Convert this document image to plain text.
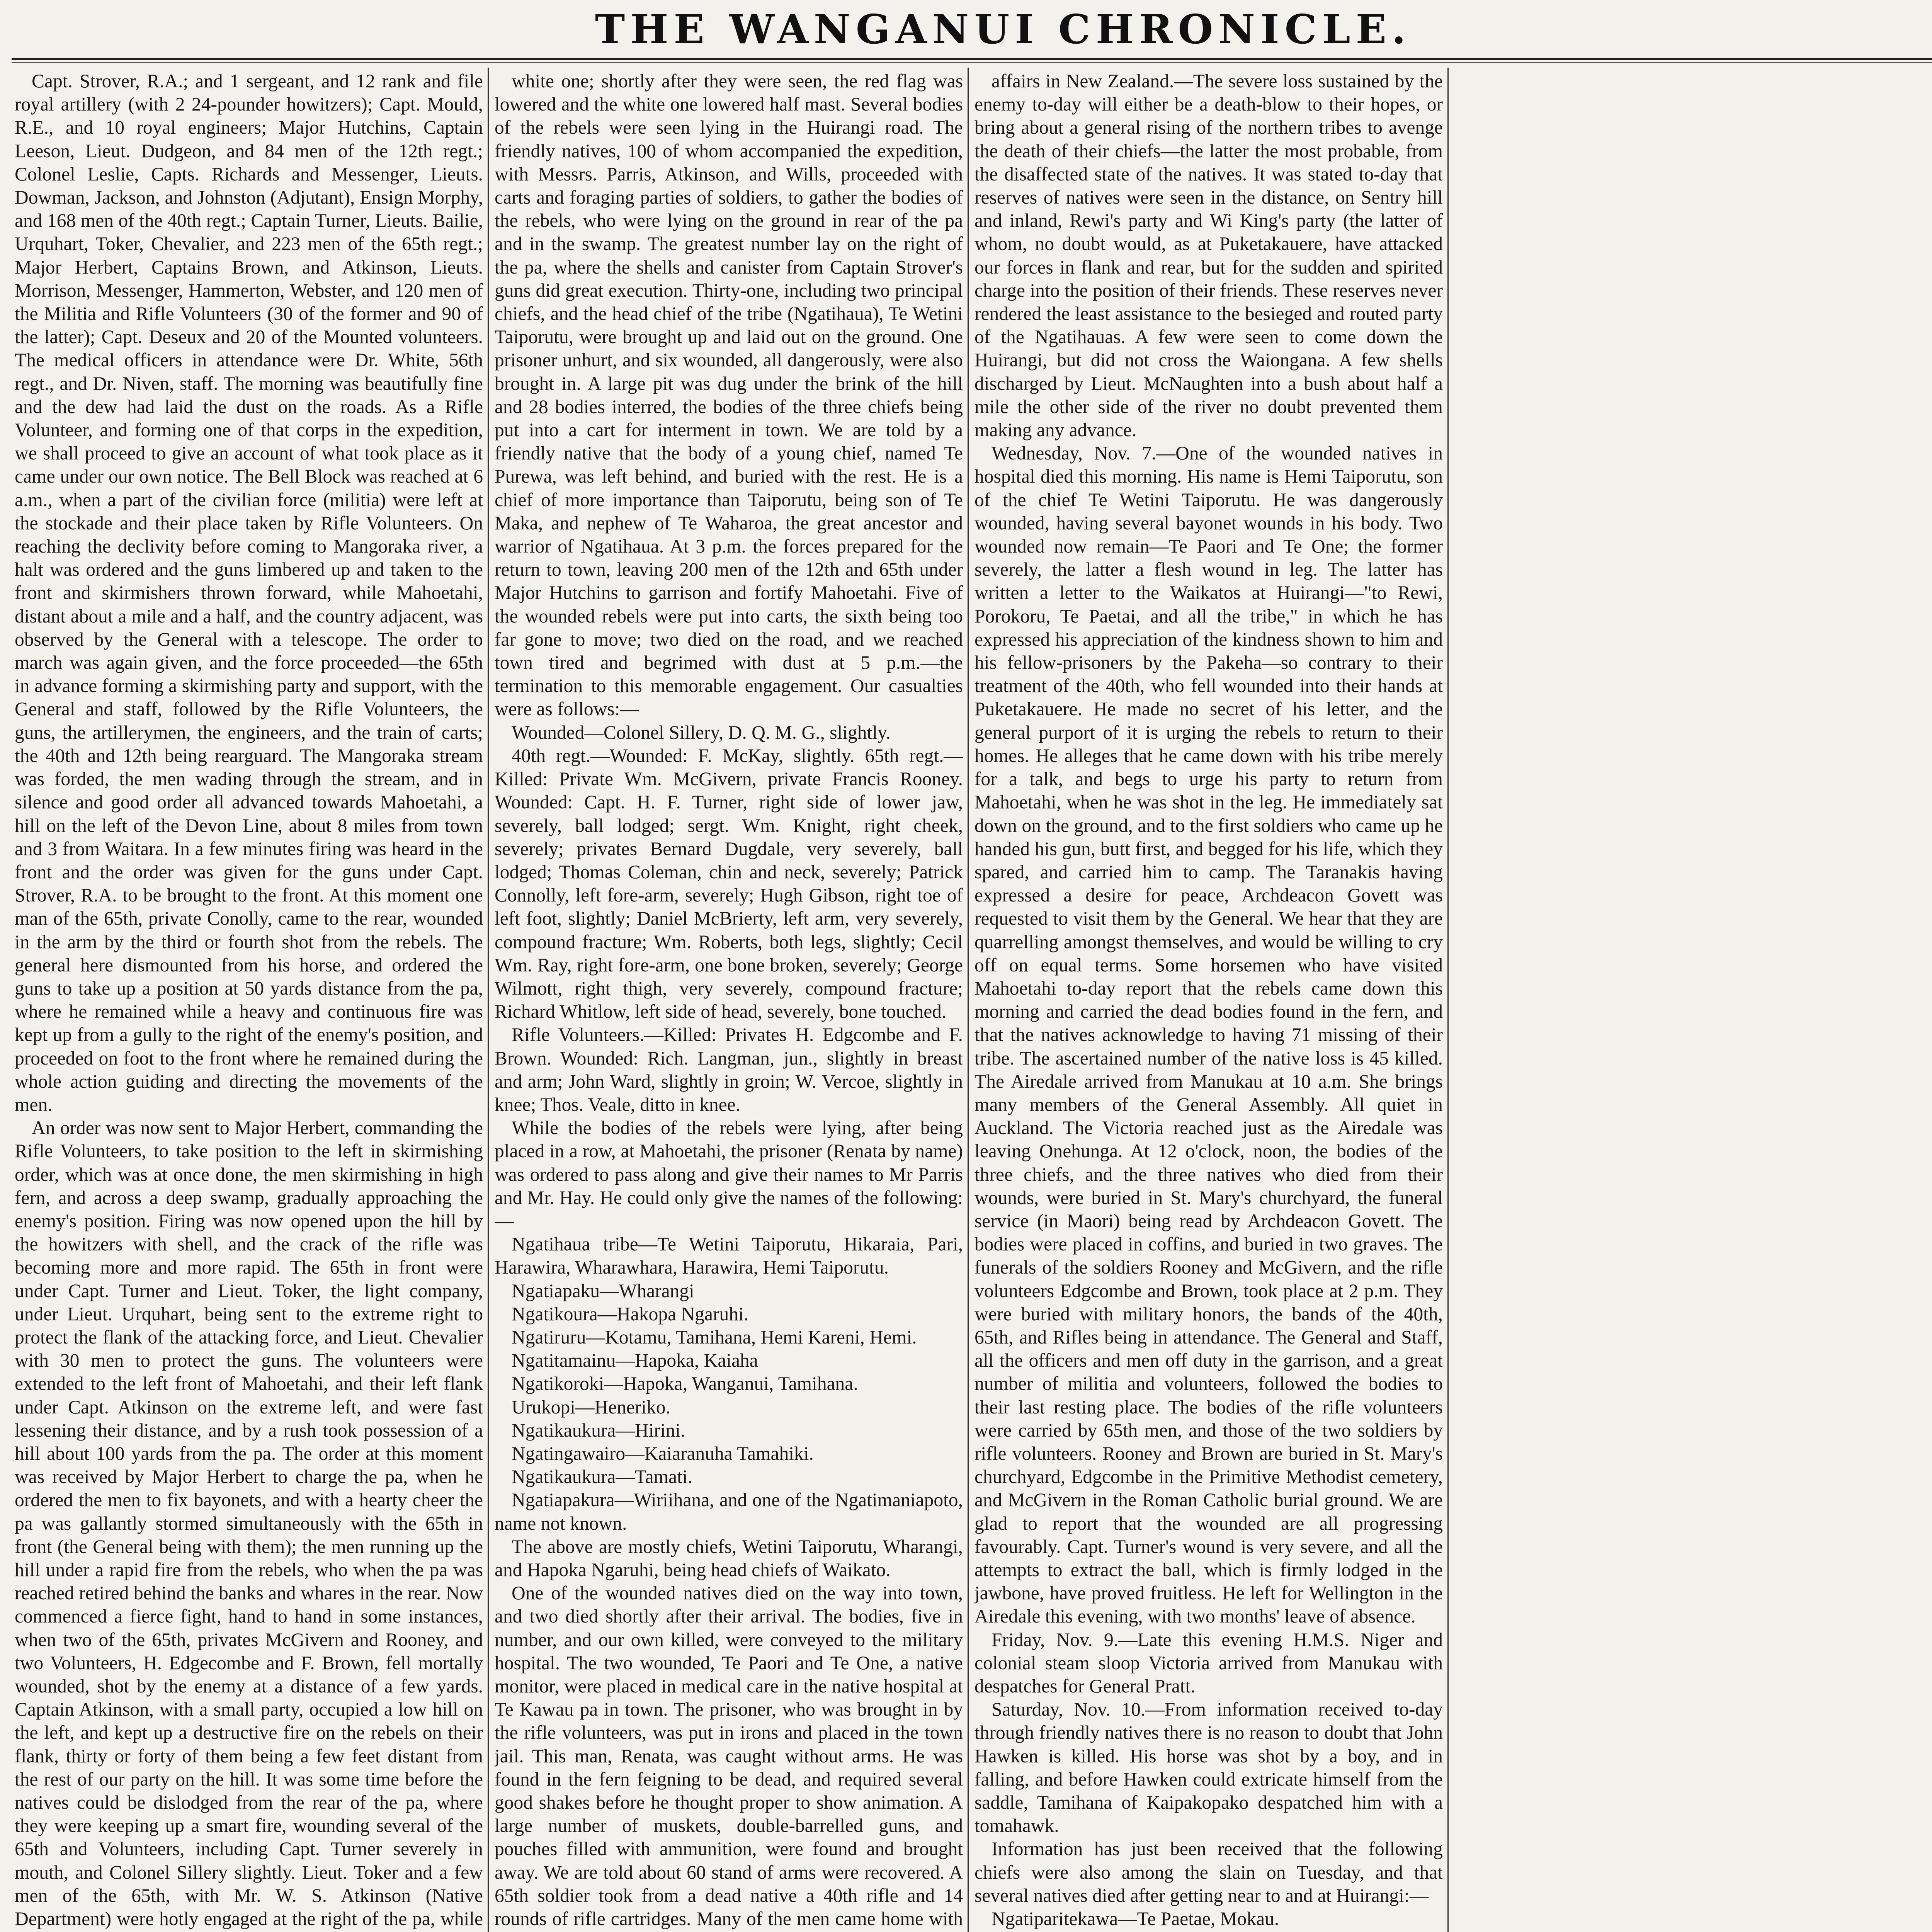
THE WANGANUI CHRONICLE.

Capt. Strover, R.A.; and 1 sergeant, and 12 rank and file royal artillery (with 2 24-pounder howitzers); Capt. Mould, R.E., and 10 royal engineers; Major Hutchins, Captain Leeson, Lieut. Dudgeon, and 84 men of the 12th regt.; Colonel Leslie, Capts. Richards and Messenger, Lieuts. Dowman, Jackson, and Johnston (Adjutant), Ensign Morphy, and 168 men of the 40th regt.; Captain Turner, Lieuts. Bailie, Urquhart, Toker, Chevalier, and 223 men of the 65th regt.; Major Herbert, Captains Brown, and Atkinson, Lieuts. Morrison, Messenger, Hammerton, Webster, and 120 men of the Militia and Rifle Volunteers (30 of the former and 90 of the latter); Capt. Deseux and 20 of the Mounted volunteers. The medical officers in attendance were Dr. White, 56th regt., and Dr. Niven, staff. The morning was beautifully fine and the dew had laid the dust on the roads. As a Rifle Volunteer, and forming one of that corps in the expedition, we shall proceed to give an account of what took place as it came under our own notice. The Bell Block was reached at 6 a.m., when a part of the civilian force (militia) were left at the stockade and their place taken by Rifle Volunteers. On reaching the declivity before coming to Mangoraka river, a halt was ordered and the guns limbered up and taken to the front and skirmishers thrown forward, while Mahoetahi, distant about a mile and a half, and the country adjacent, was observed by the General with a telescope. The order to march was again given, and the force proceeded—the 65th in advance forming a skirmishing party and support, with the General and staff, followed by the Rifle Volunteers, the guns, the artillerymen, the engineers, and the train of carts; the 40th and 12th being rearguard. The Mangoraka stream was forded, the men wading through the stream, and in silence and good order all advanced towards Mahoetahi, a hill on the left of the Devon Line, about 8 miles from town and 3 from Waitara. In a few minutes firing was heard in the front and the order was given for the guns under Capt. Strover, R.A. to be brought to the front. At this moment one man of the 65th, private Conolly, came to the rear, wounded in the arm by the third or fourth shot from the rebels. The general here dismounted from his horse, and ordered the guns to take up a position at 50 yards distance from the pa, where he remained while a heavy and continuous fire was kept up from a gully to the right of the enemy's position, and proceeded on foot to the front where he remained during the whole action guiding and directing the movements of the men.

An order was now sent to Major Herbert, commanding the Rifle Volunteers, to take position to the left in skirmishing order, which was at once done, the men skirmishing in high fern, and across a deep swamp, gradually approaching the enemy's position. Firing was now opened upon the hill by the howitzers with shell, and the crack of the rifle was becoming more and more rapid. The 65th in front were under Capt. Turner and Lieut. Toker, the light company, under Lieut. Urquhart, being sent to the extreme right to protect the flank of the attacking force, and Lieut. Chevalier with 30 men to protect the guns. The volunteers were extended to the left front of Mahoetahi, and their left flank under Capt. Atkinson on the extreme left, and were fast lessening their distance, and by a rush took possession of a hill about 100 yards from the pa. The order at this moment was received by Major Herbert to charge the pa, when he ordered the men to fix bayonets, and with a hearty cheer the pa was gallantly stormed simultaneously with the 65th in front (the General being with them); the men running up the hill under a rapid fire from the rebels, who when the pa was reached retired behind the banks and whares in the rear. Now commenced a fierce fight, hand to hand in some instances, when two of the 65th, privates McGivern and Rooney, and two Volunteers, H. Edgecombe and F. Brown, fell mortally wounded, shot by the enemy at a distance of a few yards. Captain Atkinson, with a small party, occupied a low hill on the left, and kept up a destructive fire on the rebels on their flank, thirty or forty of them being a few feet distant from the rest of our party on the hill. It was some time before the natives could be dislodged from the rear of the pa, where they were keeping up a smart fire, wounding several of the 65th and Volunteers, including Capt. Turner severely in mouth, and Colonel Sillery slightly. Lieut. Toker and a few men of the 65th, with Mr. W. S. Atkinson (Native Department) were hotly engaged at the right of the pa, while

white one; shortly after they were seen, the red flag was lowered and the white one lowered half mast. Several bodies of the rebels were seen lying in the Huirangi road. The friendly natives, 100 of whom accompanied the expedition, with Messrs. Parris, Atkinson, and Wills, proceeded with carts and foraging parties of soldiers, to gather the bodies of the rebels, who were lying on the ground in rear of the pa and in the swamp. The greatest number lay on the right of the pa, where the shells and canister from Captain Strover's guns did great execution. Thirty-one, including two principal chiefs, and the head chief of the tribe (Ngatihaua), Te Wetini Taiporutu, were brought up and laid out on the ground. One prisoner unhurt, and six wounded, all dangerously, were also brought in. A large pit was dug under the brink of the hill and 28 bodies interred, the bodies of the three chiefs being put into a cart for interment in town. We are told by a friendly native that the body of a young chief, named Te Purewa, was left behind, and buried with the rest. He is a chief of more importance than Taiporutu, being son of Te Maka, and nephew of Te Waharoa, the great ancestor and warrior of Ngatihaua. At 3 p.m. the forces prepared for the return to town, leaving 200 men of the 12th and 65th under Major Hutchins to garrison and fortify Mahoetahi. Five of the wounded rebels were put into carts, the sixth being too far gone to move; two died on the road, and we reached town tired and begrimed with dust at 5 p.m.—the termination to this memorable engagement. Our casualties were as follows:—

Wounded—Colonel Sillery, D. Q. M. G., slightly.

40th regt.—Wounded: F. McKay, slightly. 65th regt.—Killed: Private Wm. McGivern, private Francis Rooney. Wounded: Capt. H. F. Turner, right side of lower jaw, severely, ball lodged; sergt. Wm. Knight, right cheek, severely; privates Bernard Dugdale, very severely, ball lodged; Thomas Coleman, chin and neck, severely; Patrick Connolly, left fore-arm, severely; Hugh Gibson, right toe of left foot, slightly; Daniel McBrierty, left arm, very severely, compound fracture; Wm. Roberts, both legs, slightly; Cecil Wm. Ray, right fore-arm, one bone broken, severely; George Wilmott, right thigh, very severely, compound fracture; Richard Whitlow, left side of head, severely, bone touched.

Rifle Volunteers.—Killed: Privates H. Edgcombe and F. Brown. Wounded: Rich. Langman, jun., slightly in breast and arm; John Ward, slightly in groin; W. Vercoe, slightly in knee; Thos. Veale, ditto in knee.

While the bodies of the rebels were lying, after being placed in a row, at Mahoetahi, the prisoner (Renata by name) was ordered to pass along and give their names to Mr Parris and Mr. Hay. He could only give the names of the following:—

Ngatihaua tribe—Te Wetini Taiporutu, Hikaraia, Pari, Harawira, Wharawhara, Harawira, Hemi Taiporutu.

Ngatiapaku—Wharangi

Ngatikoura—Hakopa Ngaruhi.

Ngatiruru—Kotamu, Tamihana, Hemi Kareni, Hemi.

Ngatitamainu—Hapoka, Kaiaha

Ngatikoroki—Hapoka, Wanganui, Tamihana.

Urukopi—Heneriko.

Ngatikaukura—Hirini.

Ngatingawairo—Kaiaranuha Tamahiki.

Ngatikaukura—Tamati.

Ngatiapakura—Wiriihana, and one of the Ngatimaniapoto, name not known.

The above are mostly chiefs, Wetini Taiporutu, Wharangi, and Hapoka Ngaruhi, being head chiefs of Waikato.

One of the wounded natives died on the way into town, and two died shortly after their arrival. The bodies, five in number, and our own killed, were conveyed to the military hospital. The two wounded, Te Paori and Te One, a native monitor, were placed in medical care in the native hospital at Te Kawau pa in town. The prisoner, who was brought in by the rifle volunteers, was put in irons and placed in the town jail. This man, Renata, was caught without arms. He was found in the fern feigning to be dead, and required several good shakes before he thought proper to show animation. A large number of muskets, double-barrelled guns, and pouches filled with ammunition, were found and brought away. We are told about 60 stand of arms were recovered. A 65th soldier took from a dead native a 40th rifle and 14 rounds of rifle cartridges. Many of the men came home with

affairs in New Zealand.—The severe loss sustained by the enemy to-day will either be a death-blow to their hopes, or bring about a general rising of the northern tribes to avenge the death of their chiefs—the latter the most probable, from the disaffected state of the natives. It was stated to-day that reserves of natives were seen in the distance, on Sentry hill and inland, Rewi's party and Wi King's party (the latter of whom, no doubt would, as at Puketakauere, have attacked our forces in flank and rear, but for the sudden and spirited charge into the position of their friends. These reserves never rendered the least assistance to the besieged and routed party of the Ngatihauas. A few were seen to come down the Huirangi, but did not cross the Waiongana. A few shells discharged by Lieut. McNaughten into a bush about half a mile the other side of the river no doubt prevented them making any advance.

Wednesday, Nov. 7.—One of the wounded natives in hospital died this morning. His name is Hemi Taiporutu, son of the chief Te Wetini Taiporutu. He was dangerously wounded, having several bayonet wounds in his body. Two wounded now remain—Te Paori and Te One; the former severely, the latter a flesh wound in leg. The latter has written a letter to the Waikatos at Huirangi—"to Rewi, Porokoru, Te Paetai, and all the tribe," in which he has expressed his appreciation of the kindness shown to him and his fellow-prisoners by the Pakeha—so contrary to their treatment of the 40th, who fell wounded into their hands at Puketakauere. He made no secret of his letter, and the general purport of it is urging the rebels to return to their homes. He alleges that he came down with his tribe merely for a talk, and begs to urge his party to return from Mahoetahi, when he was shot in the leg. He immediately sat down on the ground, and to the first soldiers who came up he handed his gun, butt first, and begged for his life, which they spared, and carried him to camp. The Taranakis having expressed a desire for peace, Archdeacon Govett was requested to visit them by the General. We hear that they are quarrelling amongst themselves, and would be willing to cry off on equal terms. Some horsemen who have visited Mahoetahi to-day report that the rebels came down this morning and carried the dead bodies found in the fern, and that the natives acknowledge to having 71 missing of their tribe. The ascertained number of the native loss is 45 killed. The Airedale arrived from Manukau at 10 a.m. She brings many members of the General Assembly. All quiet in Auckland. The Victoria reached just as the Airedale was leaving Onehunga. At 12 o'clock, noon, the bodies of the three chiefs, and the three natives who died from their wounds, were buried in St. Mary's churchyard, the funeral service (in Maori) being read by Archdeacon Govett. The bodies were placed in coffins, and buried in two graves. The funerals of the soldiers Rooney and McGivern, and the rifle volunteers Edgcombe and Brown, took place at 2 p.m. They were buried with military honors, the bands of the 40th, 65th, and Rifles being in attendance. The General and Staff, all the officers and men off duty in the garrison, and a great number of militia and volunteers, followed the bodies to their last resting place. The bodies of the rifle volunteers were carried by 65th men, and those of the two soldiers by rifle volunteers. Rooney and Brown are buried in St. Mary's churchyard, Edgcombe in the Primitive Methodist cemetery, and McGivern in the Roman Catholic burial ground. We are glad to report that the wounded are all progressing favourably. Capt. Turner's wound is very severe, and all the attempts to extract the ball, which is firmly lodged in the jawbone, have proved fruitless. He left for Wellington in the Airedale this evening, with two months' leave of absence.

Friday, Nov. 9.—Late this evening H.M.S. Niger and colonial steam sloop Victoria arrived from Manukau with despatches for General Pratt.

Saturday, Nov. 10.—From information received to-day through friendly natives there is no reason to doubt that John Hawken is killed. His horse was shot by a boy, and in falling, and before Hawken could extricate himself from the saddle, Tamihana of Kaipakopako despatched him with a tomahawk.

Information has just been received that the following chiefs were also among the slain on Tuesday, and that several natives died after getting near to and at Huirangi:—

Ngatiparitekawa—Te Paetae, Mokau.
